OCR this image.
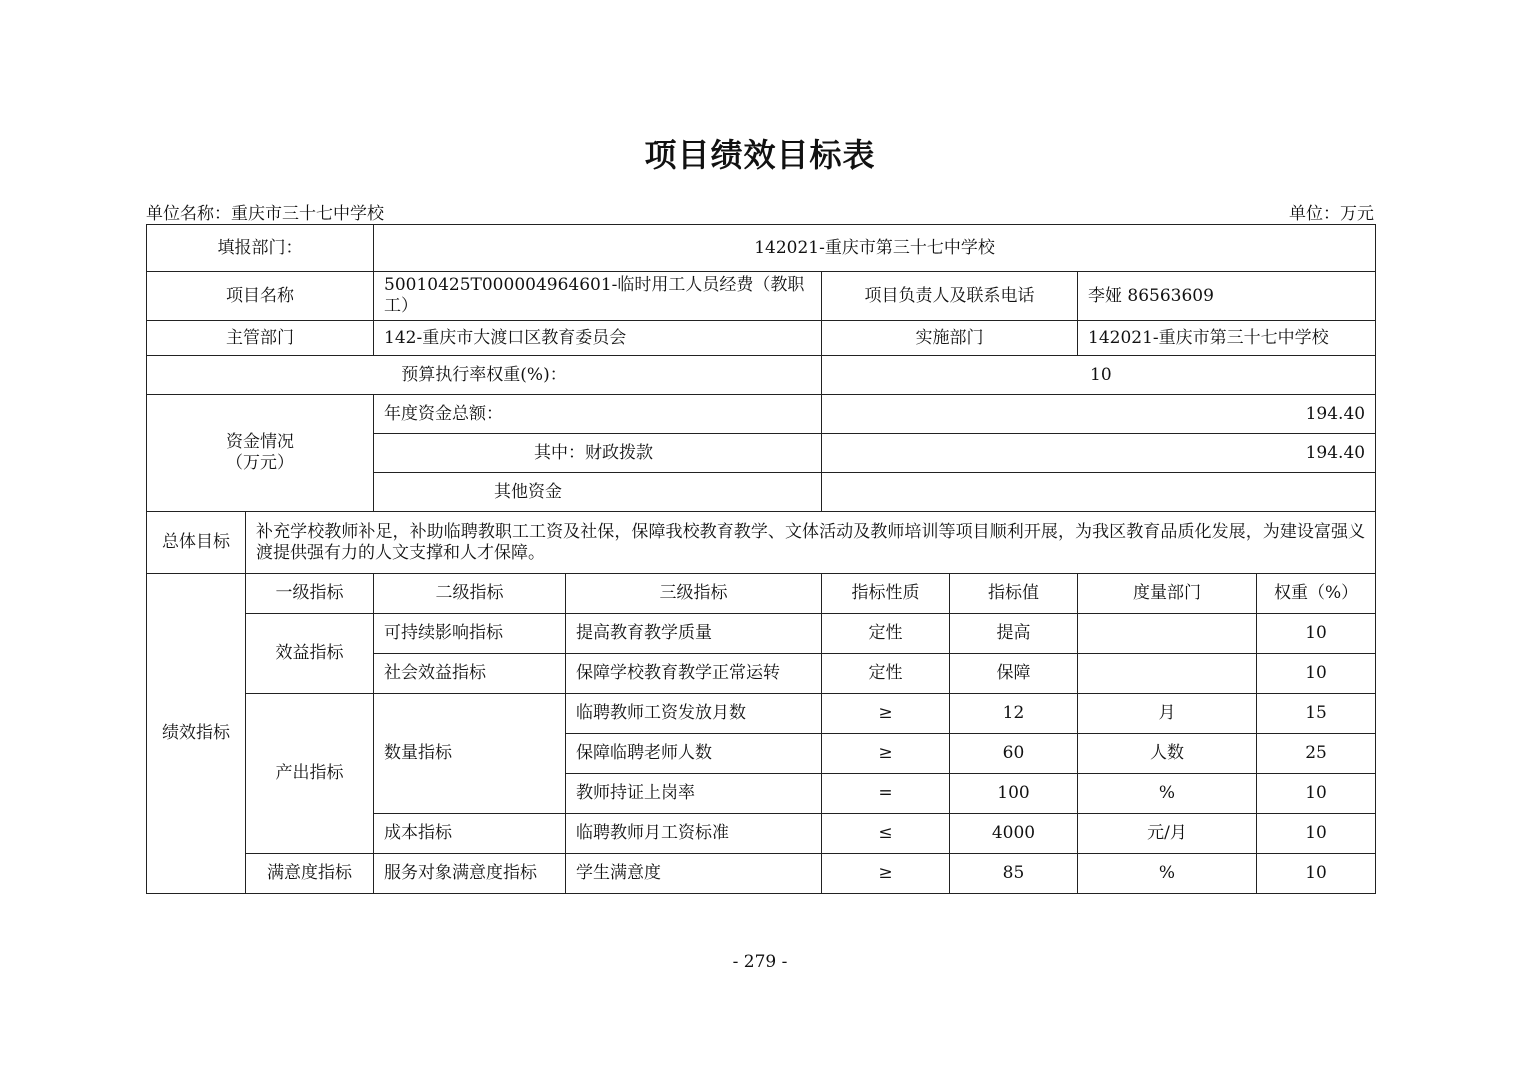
项目绩效目标表
单位名称：重庆市三十七中学校	单位：万元
填报部门：		142021-重庆市第三十七中学校					
项目名称		50010425T000004964601-临时用工人员经费（教职工）		项目负责人及联系电话		李娅 86563609	
主管部门		142-重庆市大渡口区教育委员会		实施部门		142021-重庆市第三十七中学校	
预算执行率权重(%)：				10			

资金情况
（万元）		年度资金总额：		194.40			
		其中：财政拨款		194.40			
		其他资金					
总体目标	补充学校教师补足，补助临聘教职工工资及社保，保障我校教育教学、文体活动及教师培训等项目顺利开展，为我区教育品质化发展，为建设富强义渡提供强有力的人文支撑和人才保障。						
绩效指标	一级指标	二级指标	三级指标	指标性质	指标值	度量部门	权重（%）
	效益指标	可持续影响指标	提高教育教学质量	定性	提高		10
		社会效益指标	保障学校教育教学正常运转	定性	保障		10
	产出指标	数量指标	临聘教师工资发放月数	≥	12	月	15
			保障临聘老师人数	≥	60	人数	25
			教师持证上岗率	=	100	%	10
		成本指标	临聘教师月工资标准	≤	4000	元/月	10
	满意度指标	服务对象满意度指标	学生满意度	≥	85	%	10
- 279 -
